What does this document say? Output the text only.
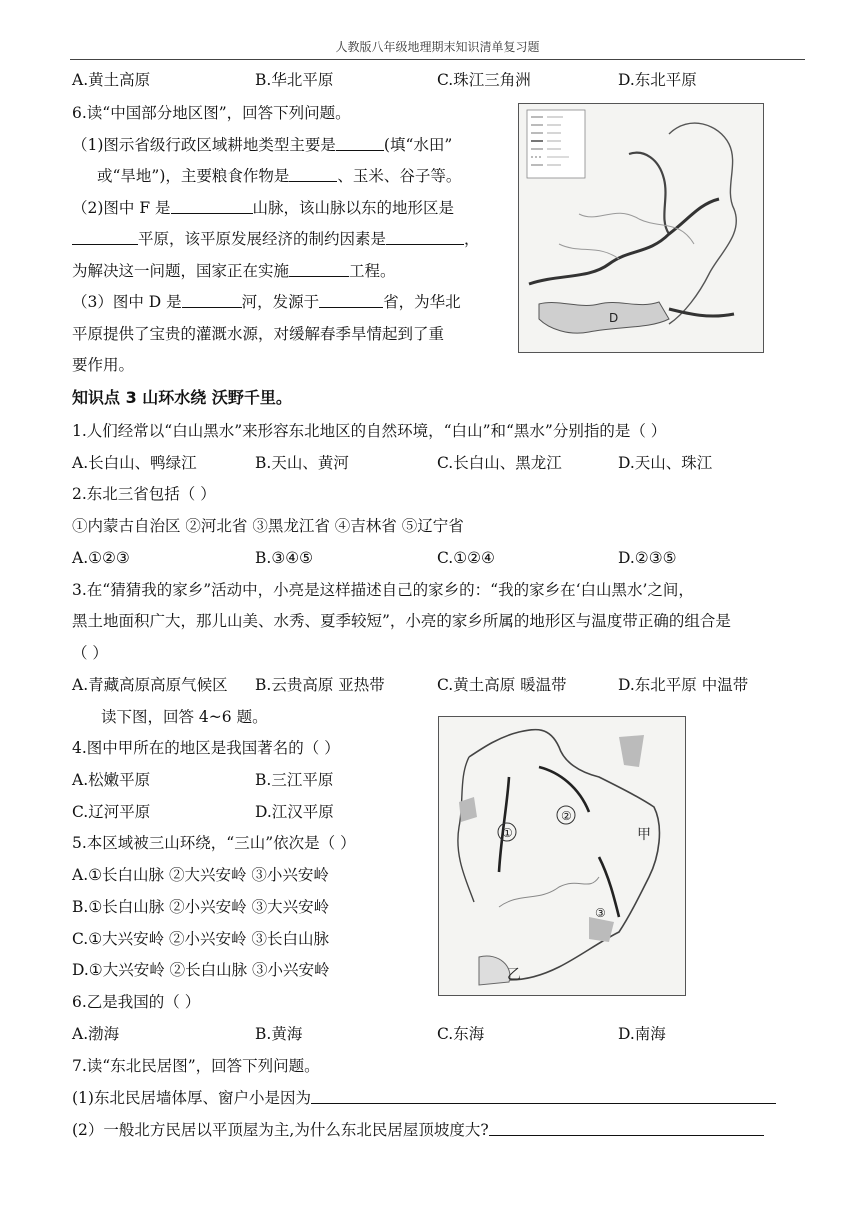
人教版八年级地理期末知识清单复习题
A.黄土高原	B.华北平原	C.珠江三角洲	D.东北平原
6.读“中国部分地区图”，回答下列问题。
（1)图示省级行政区域耕地类型主要是	(填“水田”
或“旱地”)，主要粮食作物是	、玉米、谷子等。
（2)图中 F 是	山脉，该山脉以东的地形区是
平原，该平原发展经济的制约因素是	，
为解决这一问题，国家正在实施	工程。
（3）图中 D 是	河，发源于	省，为华北
平原提供了宝贵的灌溉水源，对缓解春季旱情起到了重
要作用。
D
知识点 3 山环水绕 沃野千里。
1.人们经常以“白山黑水”来形容东北地区的自然环境，“白山”和“黑水”分别指的是（ ）
A.长白山、鸭绿江	B.天山、黄河	C.长白山、黑龙江	D.天山、珠江
2.东北三省包括（ ）
①内蒙古自治区 ②河北省 ③黑龙江省 ④吉林省 ⑤辽宁省
A.①②③	B.③④⑤	C.①②④	D.②③⑤
3.在“猜猜我的家乡”活动中，小亮是这样描述自己的家乡的：“我的家乡在‘白山黑水’之间，
黑土地面积广大，那儿山美、水秀、夏季较短”，小亮的家乡所属的地形区与温度带正确的组合是
（ ）
A.青藏高原高原气候区 B.云贵高原 亚热带	C.黄土高原 暖温带	D.东北平原 中温带
读下图，回答 4~6 题。
4.图中甲所在的地区是我国著名的（ ）
A.松嫩平原	B.三江平原
C.辽河平原	D.江汉平原
5.本区域被三山环绕，“三山”依次是（ ）
A.①长白山脉 ②大兴安岭 ③小兴安岭
B.①长白山脉 ②小兴安岭 ③大兴安岭
C.①大兴安岭 ②小兴安岭 ③长白山脉
D.①大兴安岭 ②长白山脉 ③小兴安岭
6.乙是我国的（ ）
A.渤海	B.黄海	C.东海	D.南海
①
②
③
甲
乙
7.读“东北民居图”，回答下列问题。
(1)东北民居墙体厚、窗户小是因为
(2）一般北方民居以平顶屋为主,为什么东北民居屋顶坡度大?
